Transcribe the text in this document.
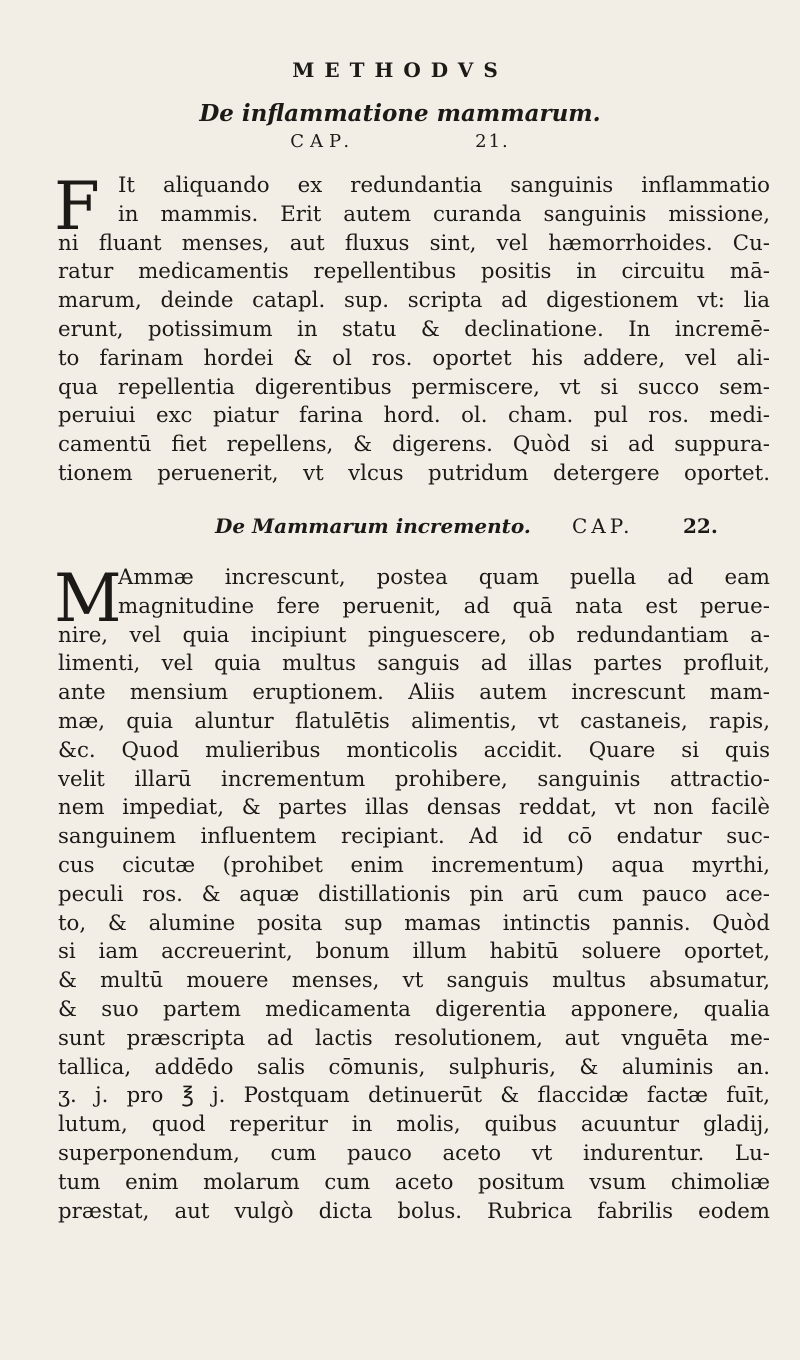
METHODVS
De inflammatione mammarum.
CAP.	21.
F It aliquando ex redundantia sanguinis inflammatio
in mammis. Erit autem curanda sanguinis missione,
ni fluant menses, aut fluxus sint, vel hæmorrhoides. Cu-
ratur medicamentis repellentibus positis in circuitu mā-
marum, deinde catapl. sup. scripta ad digestionem vt: lia
erunt, potissimum in statu & declinatione. In incremē-
to farinam hordei & ol ros. oportet his addere, vel ali-
qua repellentia digerentibus permiscere, vt si succo sem-
peruiui exc piatur farina hord. ol. cham. pul ros. medi-
camentū fiet repellens, & digerens. Quòd si ad suppura-
tionem peruenerit, vt vlcus putridum detergere oportet.
De Mammarum incremento. CAP. 22.
M
Ammæ increscunt, postea quam puella ad eam
magnitudine fere peruenit, ad quā nata est perue-
nire, vel quia incipiunt pinguescere, ob redundantiam a-
limenti, vel quia multus sanguis ad illas partes profluit,
ante mensium eruptionem. Aliis autem increscunt mam-
mæ, quia aluntur flatulētis alimentis, vt castaneis, rapis,
&c. Quod mulieribus monticolis accidit. Quare si quis
velit illarū incrementum prohibere, sanguinis attractio-
nem impediat, & partes illas densas reddat, vt non facilè
sanguinem influentem recipiant. Ad id cō endatur suc-
cus cicutæ (prohibet enim incrementum) aqua myrthi,
peculi ros. & aquæ distillationis pin arū cum pauco ace-
to, & alumine posita sup mamas intinctis pannis. Quòd
si iam accreuerint, bonum illum habitū soluere oportet,
& multū mouere menses, vt sanguis multus absumatur,
& suo partem medicamenta digerentia apponere, qualia
sunt præscripta ad lactis resolutionem, aut vnguēta me-
tallica, addēdo salis cōmunis, sulphuris, & aluminis an.
ʒ. j. pro ℥ j. Postquam detinuerūt & flaccidæ factæ fuīt,
lutum, quod reperitur in molis, quibus acuuntur gladij,
superponendum, cum pauco aceto vt indurentur. Lu-
tum enim molarum cum aceto positum vsum chimoliæ
præstat, aut vulgò dicta bolus. Rubrica fabrilis eodem
